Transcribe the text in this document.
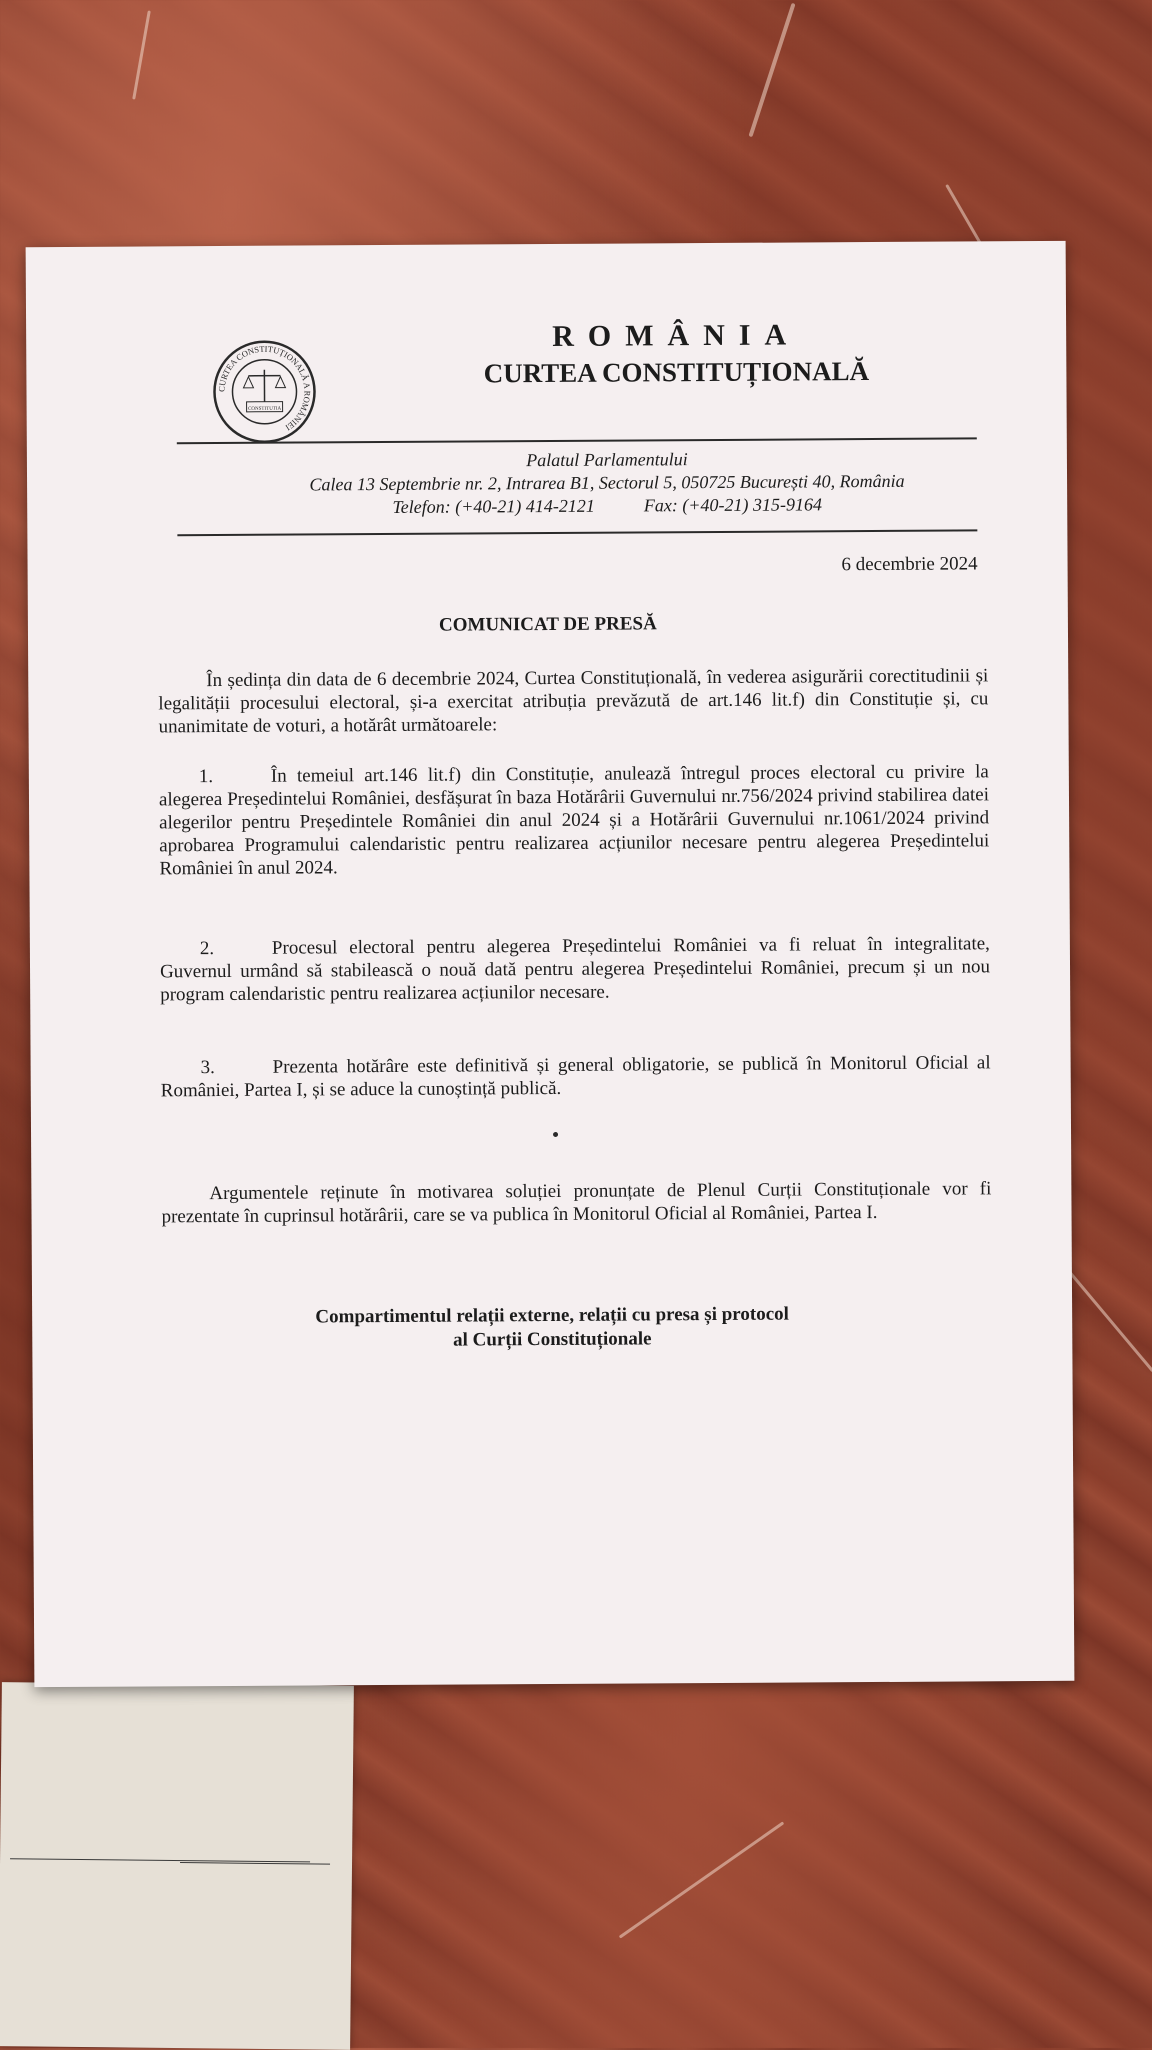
CURTEA CONSTITUȚIONALĂ A ROMÂNIEI
CONSTITUTIA
ROMÂNIA
CURTEA CONSTITUȚIONALĂ
Palatul Parlamentului
Calea 13 Septembrie nr. 2, Intrarea B1, Sectorul 5, 050725 București 40, România
Telefon: (+40-21) 414-2121	Fax: (+40-21) 315-9164
6 decembrie 2024
COMUNICAT DE PRESĂ
În ședința din data de 6 decembrie 2024, Curtea Constituțională, în vederea asigurării corectitudinii și legalității procesului electoral, și-a exercitat atribuția prevăzută de art.146 lit.f) din Constituție și, cu unanimitate de voturi, a hotărât următoarele:
1.	În temeiul art.146 lit.f) din Constituție, anulează întregul proces electoral cu privire la alegerea Președintelui României, desfășurat în baza Hotărârii Guvernului nr.756/2024 privind stabilirea datei alegerilor pentru Președintele României din anul 2024 și a Hotărârii Guvernului nr.1061/2024 privind aprobarea Programului calendaristic pentru realizarea acțiunilor necesare pentru alegerea Președintelui României în anul 2024.
2.	Procesul electoral pentru alegerea Președintelui României va fi reluat în integralitate, Guvernul urmând să stabilească o nouă dată pentru alegerea Președintelui României, precum și un nou program calendaristic pentru realizarea acțiunilor necesare.
3.	Prezenta hotărâre este definitivă și general obligatorie, se publică în Monitorul Oficial al României, Partea I, și se aduce la cunoștință publică.
Argumentele reținute în motivarea soluției pronunțate de Plenul Curții Constituționale vor fi prezentate în cuprinsul hotărârii, care se va publica în Monitorul Oficial al României, Partea I.
Compartimentul relații externe, relații cu presa și protocol
al Curții Constituționale
